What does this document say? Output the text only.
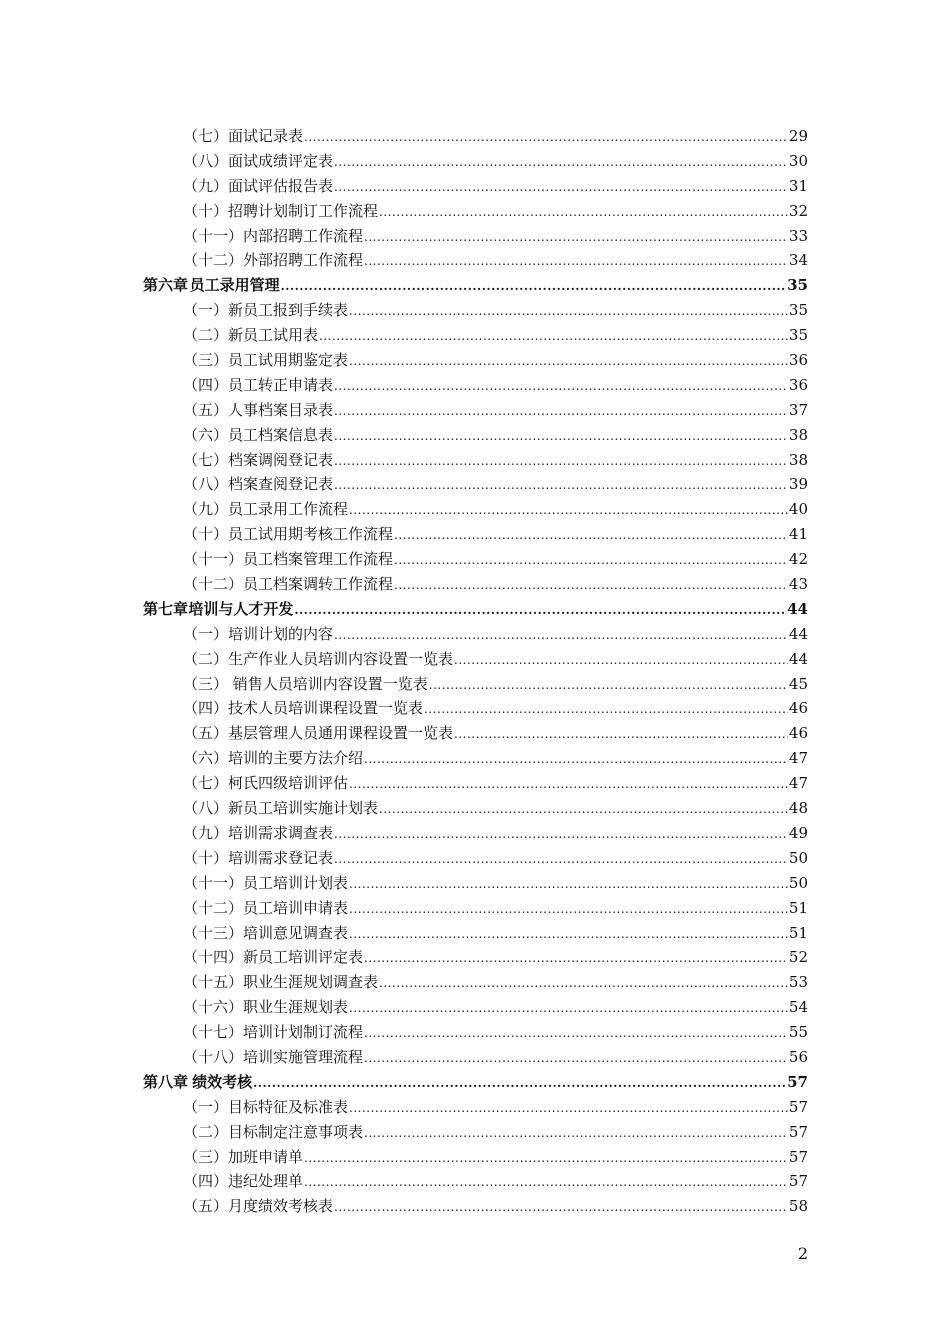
（七）面试记录表 .....	29
（八）面试成绩评定表 .....	30
（九）面试评估报告表 .....	31
（十）招聘计划制订工作流程 .....	32
（十一）内部招聘工作流程 .....	33
（十二）外部招聘工作流程 .....	34
第六章 员工录用管理 .....	35
（一）新员工报到手续表 .....	35
（二）新员工试用表 .....	35
（三）员工试用期鉴定表 .....	36
（四）员工转正申请表 .....	36
（五）人事档案目录表 .....	37
（六）员工档案信息表 .....	38
（七）档案调阅登记表 .....	38
（八）档案查阅登记表 .....	39
（九）员工录用工作流程 .....	40
（十）员工试用期考核工作流程 .....	41
（十一）员工档案管理工作流程 .....	42
（十二）员工档案调转工作流程 .....	43
第七章 培训与人才开发 .....	44
（一）培训计划的内容 .....	44
（二）生产作业人员培训内容设置一览表 .....	44
（三） 销售人员培训内容设置一览表 .....	45
（四）技术人员培训课程设置一览表 .....	46
（五）基层管理人员通用课程设置一览表 .....	46
（六）培训的主要方法介绍 .....	47
（七）柯氏四级培训评估 .....	47
（八）新员工培训实施计划表 .....	48
（九）培训需求调查表 .....	49
（十）培训需求登记表 .....	50
（十一）员工培训计划表 .....	50
（十二）员工培训申请表 .....	51
（十三）培训意见调查表 .....	51
（十四）新员工培训评定表 .....	52
（十五）职业生涯规划调查表 .....	53
（十六）职业生涯规划表 .....	54
（十七）培训计划制订流程 .....	55
（十八）培训实施管理流程 .....	56
第八章 绩效考核 .....	57
（一）目标特征及标准表 .....	57
（二）目标制定注意事项表 .....	57
（三）加班申请单 .....	57
（四）违纪处理单 .....	57
（五）月度绩效考核表 .....	58
2
